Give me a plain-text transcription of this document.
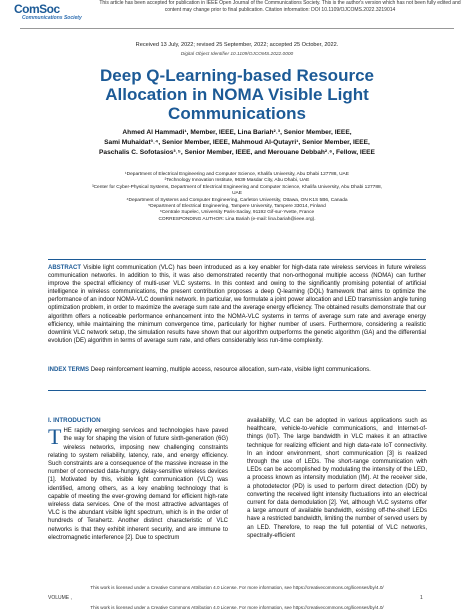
ComSoc
Communications Society
This article has been accepted for publication in IEEE Open Journal of the Communications Society. This is the author's version which has not been fully edited and
content may change prior to final publication. Citation information: DOI 10.1109/OJCOMS.2022.3219014
Received 13 July, 2022; revised 25 September, 2022; accepted 25 October, 2022.
Digital Object Identifier 10.1109/OJCOMS.2022.0000
Deep Q-Learning-based Resource Allocation in NOMA Visible Light Communications
Ahmed Al Hammadi¹, Member, IEEE, Lina Bariah²˒³, Senior Member, IEEE,
Sami Muhaidat³˒⁴, Senior Member, IEEE, Mahmoud Al-Qutayri¹, Senior Member, IEEE,
Paschalis C. Sofotasios³˒⁵, Senior Member, IEEE, and Merouane Debbah²˒⁶, Fellow, IEEE
¹Department of Electrical Engineering and Computer Science, Khalifa University, Abu Dhabi 127788, UAE
²Technology Innovation Institute, 9639 Masdar City, Abu Dhabi, UAE
³Center for Cyber-Physical Systems, Department of Electrical Engineering and Computer Science, Khalifa University, Abu Dhabi 127788,
UAE
⁴Department of Systems and Computer Engineering, Carleton University, Ottawa, ON K1S 5B6, Canada
⁵Department of Electrical Engineering, Tampere University, Tampere 33014, Finland
⁶Centrale Supelec, University Paris-Saclay, 91192 Gif-sur-Yvette, France
CORRESPONDING AUTHOR: Lina Bariah (e-mail: lina.bariah@ieee.org).
ABSTRACT Visible light communication (VLC) has been introduced as a key enabler for high-data rate wireless services in future wireless communication networks. In addition to this, it was also demonstrated recently that non-orthogonal multiple access (NOMA) can further improve the spectral efficiency of multi-user VLC systems. In this context and owing to the significantly promising potential of artificial intelligence in wireless communications, the present contribution proposes a deep Q-learning (DQL) framework that aims to optimize the performance of an indoor NOMA-VLC downlink network. In particular, we formulate a joint power allocation and LED transmission angle tuning optimization problem, in order to maximize the average sum rate and the average energy efficiency. The obtained results demonstrate that our algorithm offers a noticeable performance enhancement into the NOMA-VLC systems in terms of average sum rate and average energy efficiency, while maintaining the minimum convergence time, particularly for higher number of users. Furthermore, considering a realistic downlink VLC network setup, the simulation results have shown that our algorithm outperforms the genetic algorithm (GA) and the differential evolution (DE) algorithm in terms of average sum rate, and offers considerably less run-time complexity.
INDEX TERMS Deep reinforcement learning, multiple access, resource allocation, sum-rate, visible light communications.
I. INTRODUCTION
T HE rapidly emerging services and technologies have paved the way for shaping the vision of future sixth-generation (6G) wireless networks, imposing new challenging constraints relating to system reliability, latency, rate, and energy efficiency. Such constraints are a consequence of the massive increase in the number of connected data-hungry, delay-sensitive wireless devices [1]. Motivated by this, visible light communication (VLC) was identified, among others, as a key enabling technology that is capable of meeting the ever-growing demand for efficient high-rate wireless data services. One of the most attractive advantages of VLC is the abundant visible light spectrum, which is in the order of hundreds of Terahertz. Another distinct characteristic of VLC networks is that they exhibit inherent security, and are immune to electromagnetic interference [2]. Due to spectrum
availability, VLC can be adopted in various applications such as healthcare, vehicle-to-vehicle communications, and Internet-of-things (IoT). The large bandwidth in VLC makes it an attractive technique for realizing efficient and high data-rate IoT connectivity. In an indoor environment, short communication [3] is realized through the use of LEDs. The short-range communication with LEDs can be accomplished by modulating the intensity of the LED, a process known as intensity modulation (IM). At the receiver side, a photodetector (PD) is used to perform direct detection (DD) by converting the received light intensity fluctuations into an electrical current for data demodulation [2]. Yet, although VLC systems offer a large amount of available bandwidth, existing off-the-shelf LEDs have a restricted bandwidth, limiting the number of served users by an LED. Therefore, to reap the full potential of VLC networks, spectrally-efficient
This work is licensed under a Creative Commons Attribution 4.0 License. For more information, see https://creativecommons.org/licenses/by/4.0/
VOLUME ,	1
This work is licensed under a Creative Commons Attribution 4.0 License. For more information, see https://creativecommons.org/licenses/by/4.0/
